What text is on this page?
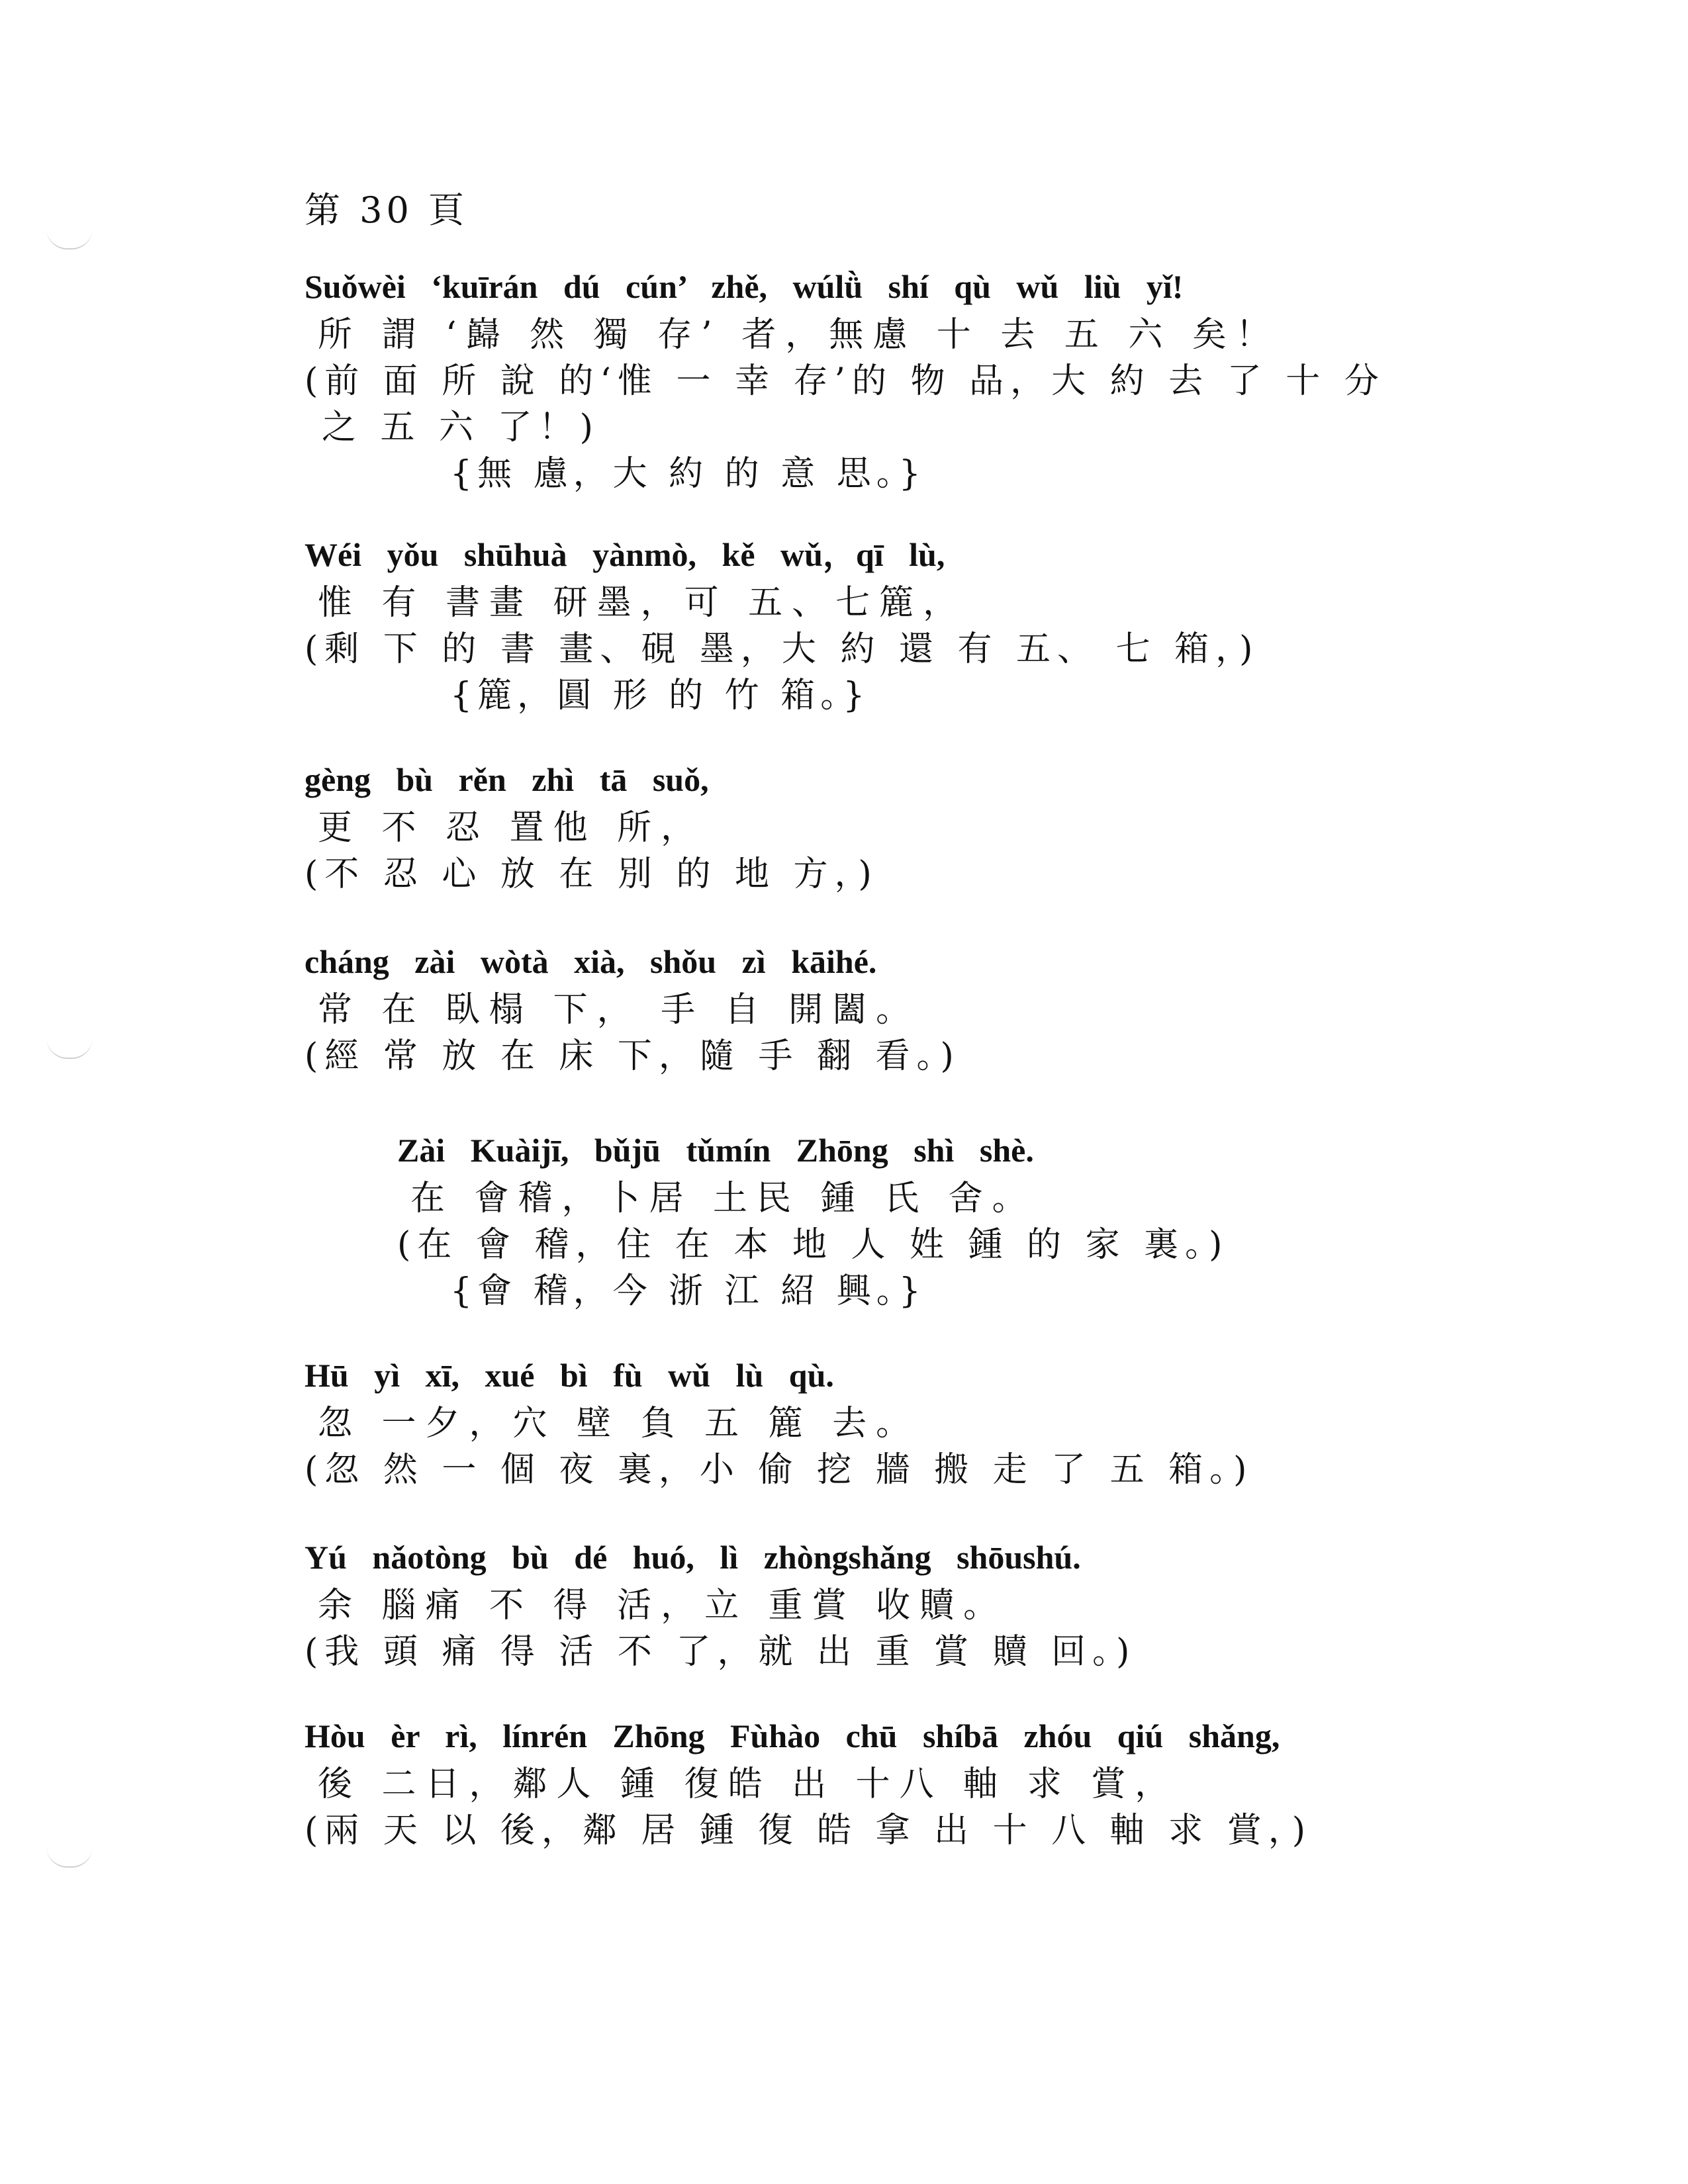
第 30 頁
Suǒwèi ‘kuīrán dú cún’ zhě, wúlǜ shí qù wǔ liù yǐ!
所 謂 ‘巋 然 獨 存’ 者，無慮 十 去 五 六 矣！
(前 面 所 說 的‘惟 一 幸 存’的 物 品，大 約 去 了 十 分
之 五 六 了！)
{無 慮，大 約 的 意 思。}
Wéi yǒu shūhuà yànmò, kě wǔ，qī lù,
惟 有 書畫 研墨，可 五、七簏，
(剩 下 的 書 畫、硯 墨，大 約 還 有 五、 七 箱，)
{簏，圓 形 的 竹 箱。}
gèng bù rěn zhì tā suǒ,
更 不 忍 置他 所，
(不 忍 心 放 在 別 的 地 方，)
cháng zài wòtà xià, shǒu zì kāihé.
常 在 臥榻 下， 手 自 開闔。
(經 常 放 在 床 下，隨 手 翻 看。)
Zài Kuàijī, bǔjū tǔmín Zhōng shì shè.
在 會稽，卜居 土民 鍾 氏 舍。
(在 會 稽，住 在 本 地 人 姓 鍾 的 家 裏。)
{會 稽，今 浙 江 紹 興。}
Hū yì xī, xué bì fù wǔ lù qù.
忽 一夕，穴 壁 負 五 簏 去。
(忽 然 一 個 夜 裏，小 偷 挖 牆 搬 走 了 五 箱。)
Yú nǎotòng bù dé huó, lì zhòngshǎng shōushú.
余 腦痛 不 得 活，立 重賞 收贖。
(我 頭 痛 得 活 不 了，就 出 重 賞 贖 回。)
Hòu èr rì, línrén Zhōng Fùhào chū shíbā zhóu qiú shǎng,
後 二日，鄰人 鍾 復皓 出 十八 軸 求 賞，
(兩 天 以 後，鄰 居 鍾 復 皓 拿 出 十 八 軸 求 賞，)
